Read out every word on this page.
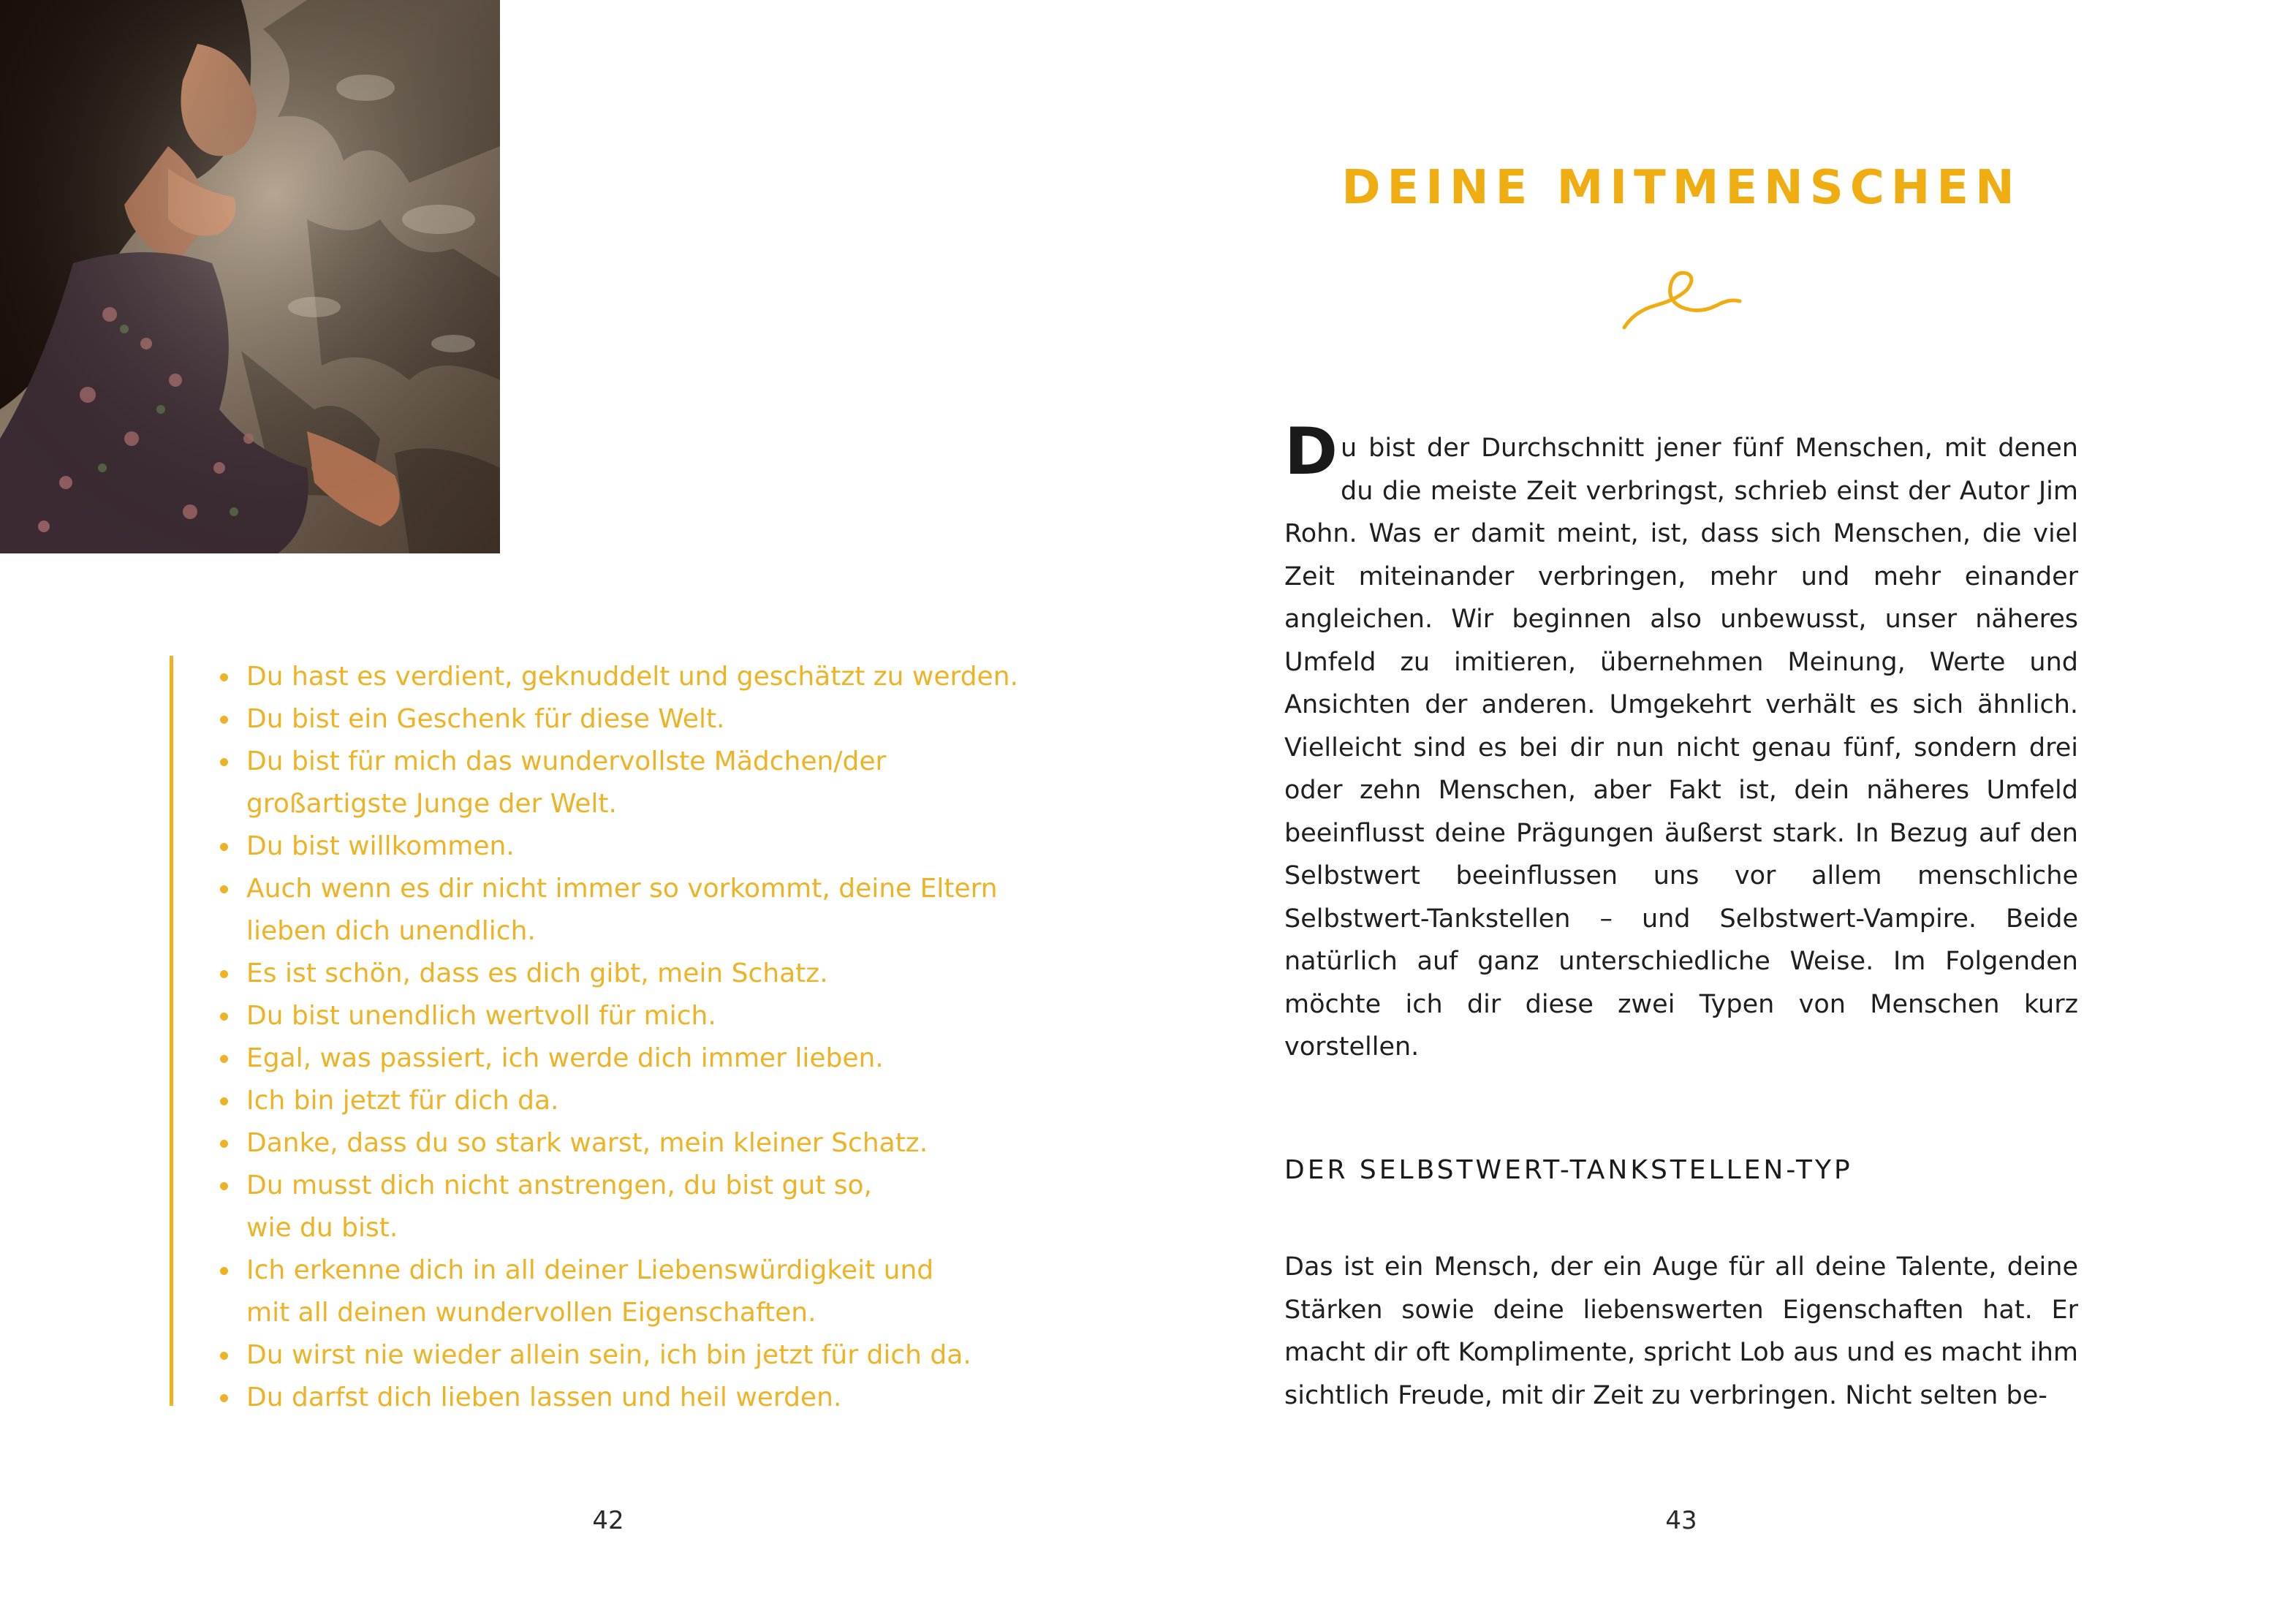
Du hast es verdient, geknuddelt und geschätzt zu werden.
Du bist ein Geschenk für diese Welt.
Du bist für mich das wundervollste Mädchen/der
großartigste Junge der Welt.
Du bist willkommen.
Auch wenn es dir nicht immer so vorkommt, deine Eltern
lieben dich unendlich.
Es ist schön, dass es dich gibt, mein Schatz.
Du bist unendlich wertvoll für mich.
Egal, was passiert, ich werde dich immer lieben.
Ich bin jetzt für dich da.
Danke, dass du so stark warst, mein kleiner Schatz.
Du musst dich nicht anstrengen, du bist gut so,
wie du bist.
Ich erkenne dich in all deiner Liebenswürdigkeit und
mit all deinen wundervollen Eigenschaften.
Du wirst nie wieder allein sein, ich bin jetzt für dich da.
Du darfst dich lieben lassen und heil werden.
42
DEINE MITMENSCHEN

Du bist der Durchschnitt jener fünf Menschen, mit denen du die meiste Zeit verbringst, schrieb einst der Autor Jim Rohn. Was er damit meint, ist, dass sich Menschen, die viel Zeit miteinander verbringen, mehr und mehr einander angleichen. Wir beginnen also unbewusst, unser näheres Umfeld zu imitieren, übernehmen Meinung, Werte und Ansichten der anderen. Umgekehrt verhält es sich ähnlich. Vielleicht sind es bei dir nun nicht genau fünf, sondern drei oder zehn Menschen, aber Fakt ist, dein näheres Umfeld beeinflusst deine Prägungen äußerst stark. In Bezug auf den Selbstwert beeinflussen uns vor allem menschliche Selbstwert-Tankstellen – und Selbstwert-Vampire. Beide natürlich auf ganz unterschiedliche Weise. Im Folgenden möchte ich dir diese zwei Typen von Menschen kurz vorstellen.

DER SELBSTWERT-TANKSTELLEN-TYP

Das ist ein Mensch, der ein Auge für all deine Talente, deine Stärken sowie deine liebenswerten Eigenschaften hat. Er macht dir oft Komplimente, spricht Lob aus und es macht ihm sichtlich Freude, mit dir Zeit zu verbringen. Nicht selten be-

43
